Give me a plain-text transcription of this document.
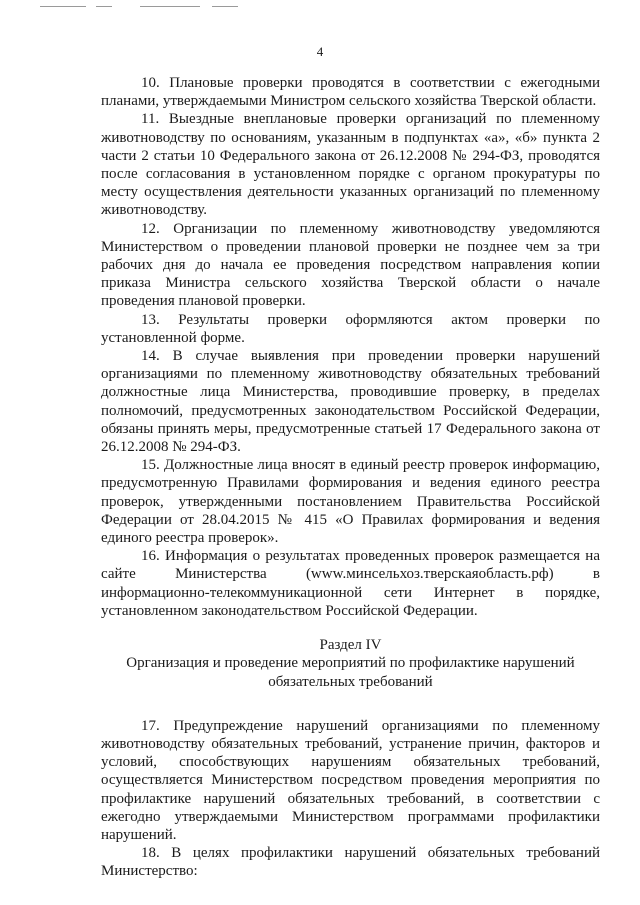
4

10. Плановые проверки проводятся в соответствии с ежегодными планами, утверждаемыми Министром сельского хозяйства Тверской области.

11. Выездные внеплановые проверки организаций по племенному животноводству по основаниям, указанным в подпунктах «а», «б» пункта 2 части 2 статьи 10 Федерального закона от 26.12.2008 № 294-ФЗ, проводятся после согласования в установленном порядке с органом прокуратуры по месту осуществления деятельности указанных организаций по племенному животноводству.

12. Организации по племенному животноводству уведомляются Министерством о проведении плановой проверки не позднее чем за три рабочих дня до начала ее проведения посредством направления копии приказа Министра сельского хозяйства Тверской области о начале проведения плановой проверки.

13. Результаты проверки оформляются актом проверки по установленной форме.

14. В случае выявления при проведении проверки нарушений организациями по племенному животноводству обязательных требований должностные лица Министерства, проводившие проверку, в пределах полномочий, предусмотренных законодательством Российской Федерации, обязаны принять меры, предусмотренные статьей 17 Федерального закона от 26.12.2008 № 294-ФЗ.

15. Должностные лица вносят в единый реестр проверок информацию, предусмотренную Правилами формирования и ведения единого реестра проверок, утвержденными постановлением Правительства Российской Федерации от 28.04.2015 № 415 «О Правилах формирования и ведения единого реестра проверок».

16. Информация о результатах проведенных проверок размещается на сайте Министерства (www.минсельхоз.тверскаяобласть.рф) в информационно-телекоммуникационной сети Интернет в порядке, установленном законодательством Российской Федерации.

Раздел IV

Организация и проведение мероприятий по профилактике нарушений обязательных требований

17. Предупреждение нарушений организациями по племенному животноводству обязательных требований, устранение причин, факторов и условий, способствующих нарушениям обязательных требований, осуществляется Министерством посредством проведения мероприятия по профилактике нарушений обязательных требований, в соответствии с ежегодно утверждаемыми Министерством программами профилактики нарушений.

18. В целях профилактики нарушений обязательных требований Министерство:
